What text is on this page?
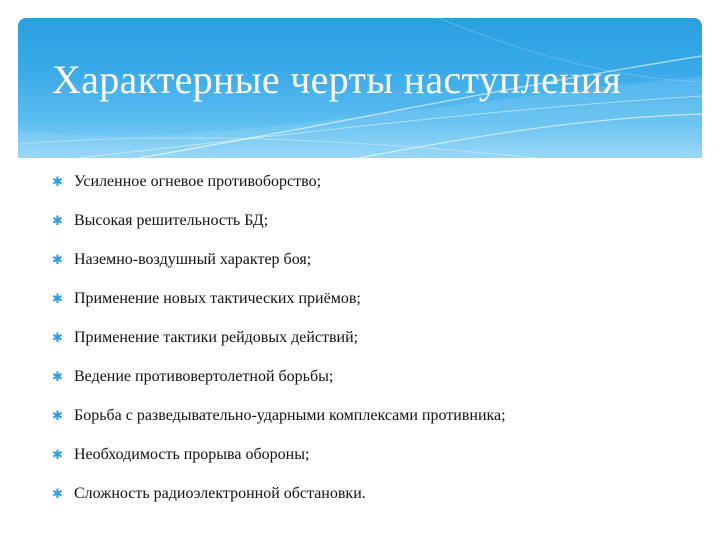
Характерные черты наступления
✱ Усиленное огневое противоборство;
✱ Высокая решительность БД;
✱ Наземно-воздушный характер боя;
✱ Применение новых тактических приёмов;
✱ Применение тактики рейдовых действий;
✱ Ведение противовертолетной борьбы;
✱ Борьба с разведывательно-ударными комплексами противника;
✱ Необходимость прорыва обороны;
✱ Сложность радиоэлектронной обстановки.
